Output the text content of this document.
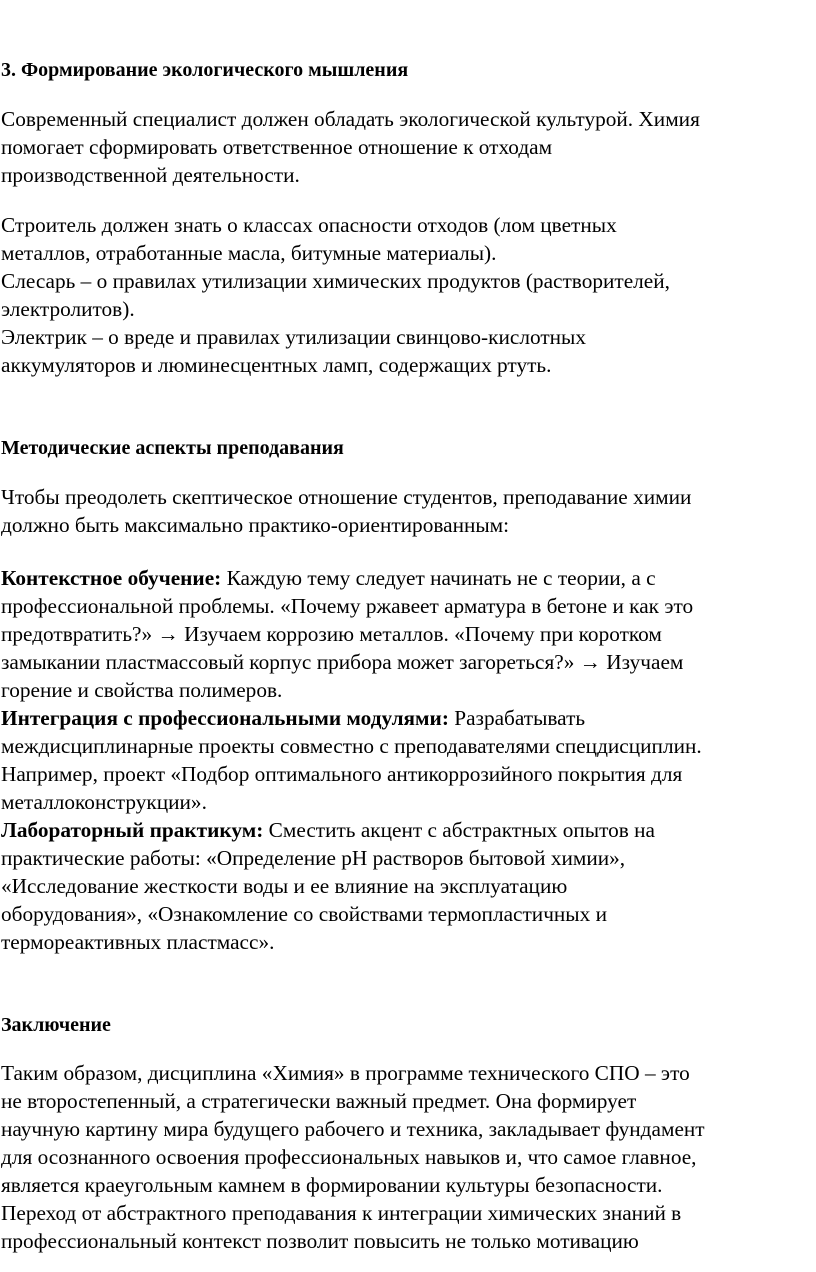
3. Формирование экологического мышления
Современный специалист должен обладать экологической культурой. Химия
помогает сформировать ответственное отношение к отходам
производственной деятельности.
Строитель должен знать о классах опасности отходов (лом цветных
металлов, отработанные масла, битумные материалы).
Слесарь – о правилах утилизации химических продуктов (растворителей,
электролитов).
Электрик – о вреде и правилах утилизации свинцово-кислотных
аккумуляторов и люминесцентных ламп, содержащих ртуть.
Методические аспекты преподавания
Чтобы преодолеть скептическое отношение студентов, преподавание химии
должно быть максимально практико-ориентированным:
Контекстное обучение: Каждую тему следует начинать не с теории, а с
профессиональной проблемы. «Почему ржавеет арматура в бетоне и как это
предотвратить?» → Изучаем коррозию металлов. «Почему при коротком
замыкании пластмассовый корпус прибора может загореться?» → Изучаем
горение и свойства полимеров.
Интеграция с профессиональными модулями: Разрабатывать
междисциплинарные проекты совместно с преподавателями спецдисциплин.
Например, проект «Подбор оптимального антикоррозийного покрытия для
металлоконструкции».
Лабораторный практикум: Сместить акцент с абстрактных опытов на
практические работы: «Определение pH растворов бытовой химии»,
«Исследование жесткости воды и ее влияние на эксплуатацию
оборудования», «Ознакомление со свойствами термопластичных и
термореактивных пластмасс».
Заключение
Таким образом, дисциплина «Химия» в программе технического СПО – это
не второстепенный, а стратегически важный предмет. Она формирует
научную картину мира будущего рабочего и техника, закладывает фундамент
для осознанного освоения профессиональных навыков и, что самое главное,
является краеугольным камнем в формировании культуры безопасности.
Переход от абстрактного преподавания к интеграции химических знаний в
профессиональный контекст позволит повысить не только мотивацию
